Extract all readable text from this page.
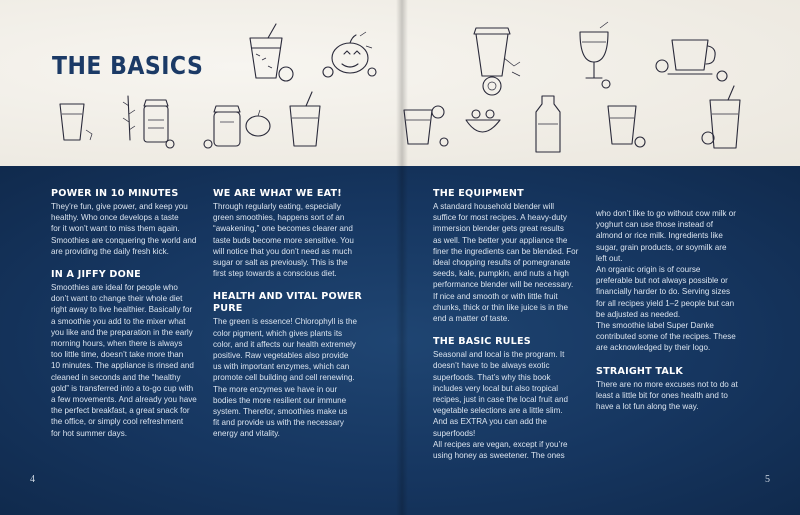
THE BASICS
POWER IN 10 MINUTES

They’re fun, give power, and keep you

healthy. Who once develops a taste

for it won’t want to miss them again.

Smoothies are conquering the world and

are providing the daily fresh kick.

IN A JIFFY DONE

Smoothies are ideal for people who

don’t want to change their whole diet

right away to live healthier. Basically for

a smoothie you add to the mixer what

you like and the preparation in the early

morning hours, when there is always

too little time, doesn’t take more than

10 minutes. The appliance is rinsed and

cleaned in seconds and the “healthy

gold” is transferred into a to-go cup with

a few movements. And already you have

the perfect breakfast, a great snack for

the office, or simply cool refreshment

for hot summer days.

WE ARE WHAT WE EAT!

Through regularly eating, especially

green smoothies, happens sort of an

“awakening,” one becomes clearer and

taste buds become more sensitive. You

will notice that you don’t need as much

sugar or salt as previously. This is the

first step towards a conscious diet.

HEALTH AND VITAL POWER PURE

The green is essence! Chlorophyll is the

color pigment, which gives plants its

color, and it affects our health extremely

positive. Raw vegetables also provide

us with important enzymes, which can

promote cell building and cell renewing.

The more enzymes we have in our

bodies the more resilient our immune

system. Therefor, smoothies make us

fit and provide us with the necessary

energy and vitality.

THE EQUIPMENT

A standard household blender will

suffice for most recipes. A heavy-duty

immersion blender gets great results

as well. The better your appliance the

finer the ingredients can be blended. For

ideal chopping results of pomegranate

seeds, kale, pumpkin, and nuts a high

performance blender will be necessary.

If nice and smooth or with little fruit

chunks, thick or thin like juice is in the

end a matter of taste.

THE BASIC RULES

Seasonal and local is the program. It

doesn’t have to be always exotic

superfoods. That’s why this book

includes very local but also tropical

recipes, just in case the local fruit and

vegetable selections are a little slim.

And as EXTRA you can add the

superfoods!

All recipes are vegan, except if you’re

using honey as sweetener. The ones

who don’t like to go without cow milk or

yoghurt can use those instead of

almond or rice milk. Ingredients like

sugar, grain products, or soymilk are

left out.

An organic origin is of course

preferable but not always possible or

financially harder to do. Serving sizes

for all recipes yield 1–2 people but can

be adjusted as needed.

The smoothie label Super Danke

contributed some of the recipes. These

are acknowledged by their logo.

STRAIGHT TALK

There are no more excuses not to do at

least a little bit for ones health and to

have a lot fun along the way.

4	5
